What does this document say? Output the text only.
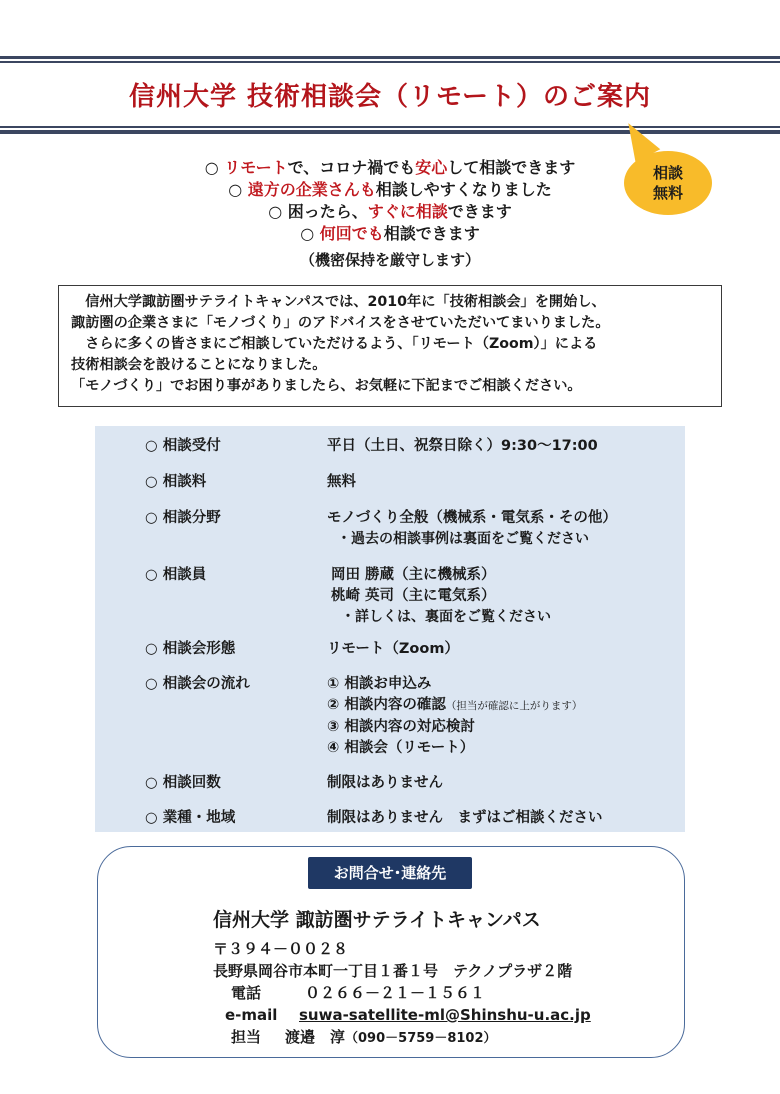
信州大学 技術相談会（リモート）のご案内
相談
無料
○ リモートで、コロナ禍でも安心して相談できます
○ 遠方の企業さんも相談しやすくなりました
○ 困ったら、すぐに相談できます
○ 何回でも相談できます
（機密保持を厳守します）
　信州大学諏訪圏サテライトキャンパスでは、2010年に「技術相談会」を開始し、
諏訪圏の企業さまに「モノづくり」のアドバイスをさせていただいてまいりました。
　さらに多くの皆さまにご相談していただけるよう、「リモート（Zoom）」による
技術相談会を設けることになりました。
「モノづくり」でお困り事がありましたら、お気軽に下記までご相談ください。
○ 相談受付	平日（土日、祝祭日除く）9:30〜17:00
○ 相談料	無料
○ 相談分野	モノづくり全般（機械系・電気系・その他）
・過去の相談事例は裏面をご覧ください
○ 相談員	岡田 勝蔵（主に機械系）
桃崎 英司（主に電気系）
・詳しくは、裏面をご覧ください
○ 相談会形態	リモート（Zoom）
○ 相談会の流れ	① 相談お申込み
② 相談内容の確認（担当が確認に上がります）
③ 相談内容の対応検討
④ 相談会（リモート）
○ 相談回数	制限はありません
○ 業種・地域	制限はありません　まずはご相談ください
お問合せ･連絡先
信州大学 諏訪圏サテライトキャンパス
〒３９４－００２８
長野県岡谷市本町一丁目１番１号　テクノプラザ２階
電話	０２６６－２１－１５６１
e-mail suwa-satellite-ml@Shinshu-u.ac.jp
担当 渡邉　淳（090－5759－8102）
